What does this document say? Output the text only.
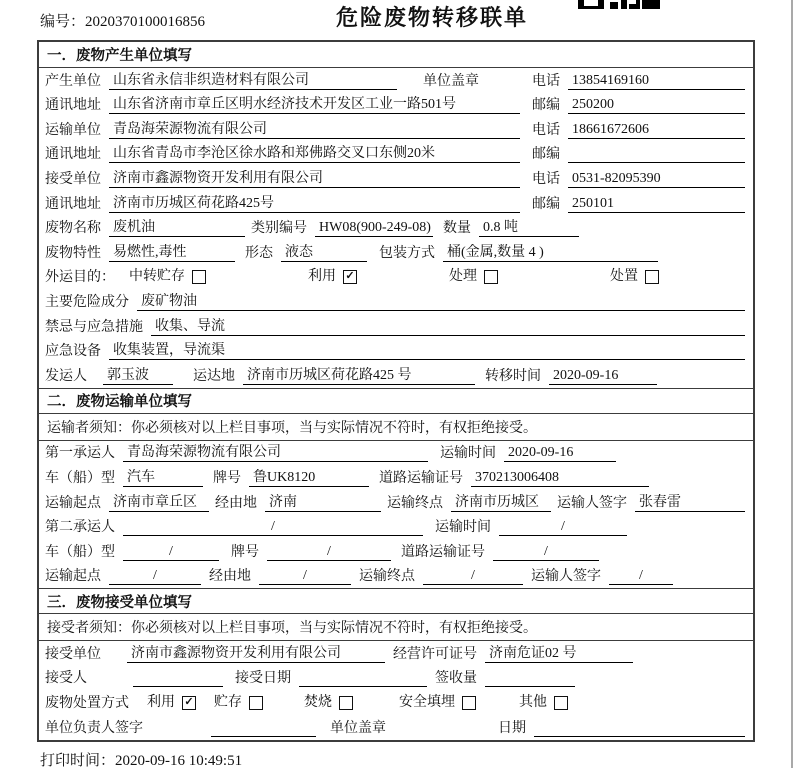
编号：2020370100016856	危险废物转移联单
一．废物产生单位填写
产生单位 山东省永信非织造材料有限公司	单位盖章	电话 13854169160
通讯地址 山东省济南市章丘区明水经济技术开发区工业一路501号	邮编 250200
运输单位 青岛海荣源物流有限公司	电话 18661672606
通讯地址 山东省青岛市李沧区徐水路和郑佛路交叉口东侧20米	邮编
接受单位 济南市鑫源物资开发利用有限公司	电话 0531-82095390
通讯地址 济南市历城区荷花路425号	邮编 250101
废物名称 废机油	类别编号 HW08(900-249-08) 数量 0.8 吨
废物特性 易燃性,毒性	形态 液态	包装方式 桶(金属,数量 4 )
外运目的： 中转贮存	利用 ✓	处理	处置
主要危险成分 废矿物油
禁忌与应急措施 收集、导流
应急设备 收集装置，导流渠
发运人 郭玉波	运达地 济南市历城区荷花路425 号	转移时间 2020-09-16
二．废物运输单位填写
运输者须知：你必须核对以上栏目事项，当与实际情况不符时，有权拒绝接受。
第一承运人 青岛海荣源物流有限公司	运输时间 2020-09-16
车（船）型 汽车	牌号 鲁UK8120	道路运输证号 370213006408
运输起点 济南市章丘区	经由地 济南	运输终点 济南市历城区	运输人签字 张春雷
第二承运人	/	运输时间	/
车（船）型	/	牌号	/	道路运输证号	/
运输起点	/	经由地	/	运输终点	/	运输人签字	/
三．废物接受单位填写
接受者须知：你必须核对以上栏目事项，当与实际情况不符时，有权拒绝接受。
接受单位 济南市鑫源物资开发利用有限公司	经营许可证号 济南危证02 号
接受人	接受日期	签收量
废物处置方式 利用 ✓ 贮存	焚烧	安全填埋	其他
单位负责人签字	单位盖章	日期
打印时间：2020-09-16 10:49:51
